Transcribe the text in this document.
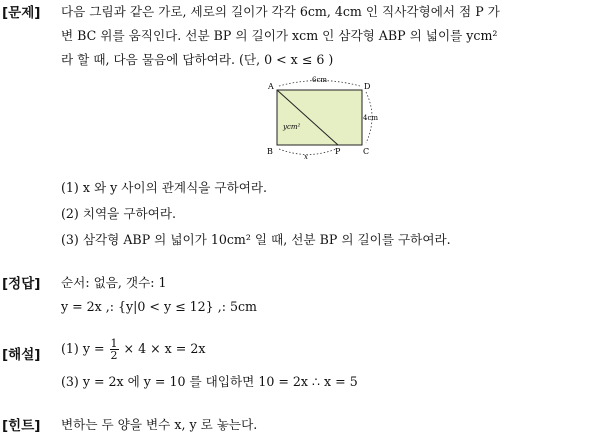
[문제] 다음 그림과 같은 가로, 세로의 길이가 각각 6cm, 4cm 인 직사각형에서 점 P 가
변 BC 위를 움직인다. 선분 BP 의 길이가 xcm 인 삼각형 ABP 의 넓이를 ycm²
라 할 때, 다음 물음에 답하여라. (단, 0 < x ≤ 6 )
A	D
B	P	C
6cm
4cm
x
ycm²
(1) x 와 y 사이의 관계식을 구하여라.
(2) 치역을 구하여라.
(3) 삼각형 ABP 의 넓이가 10cm² 일 때, 선분 BP 의 길이를 구하여라.
[정답] 순서: 없음, 갯수: 1
y = 2x ,: {y|0 < y ≤ 12} ,: 5cm
[해설] (1) $y = \frac{1}{2} \times 4 \times x = 2x$
(3) y = 2x 에 y = 10 를 대입하면 10 = 2x ∴ x = 5
[힌트] 변하는 두 양을 변수 x, y 로 놓는다.
